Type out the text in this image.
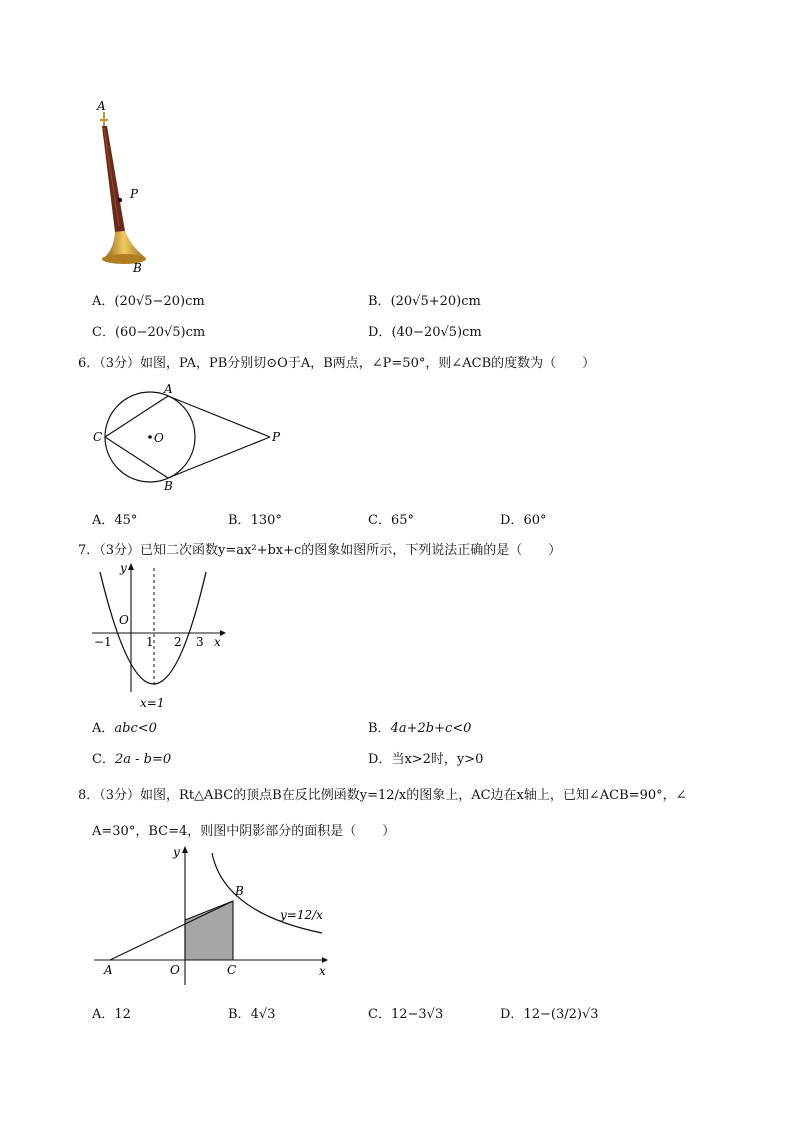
A
P
B
A．(20√5−20)cm	B．(20√5+20)cm
C．(60−20√5)cm	D．(40−20√5)cm
6．（3分）如图，PA，PB分别切⊙O于A，B两点，∠P=50°，则∠ACB的度数为（　　）
A
B
C	O	P
A．45°	B．130°	C．65°	D．60°
7．（3分）已知二次函数y=ax²+bx+c的图象如图所示，下列说法正确的是（　　）
y
x
O
−1	1 2 3
x=1
A．abc<0	B．4a+2b+c<0
C．2a - b=0	D．当x>2时，y>0
8．（3分）如图，Rt△ABC的顶点B在反比例函数y=12/x的图象上，AC边在x轴上，已知∠ACB=90°，∠
A=30°，BC=4，则图中阴影部分的面积是（　　）
y
x
A	O	C
B
y=12/x
A．12	B．4√3	C．12−3√3	D．12−(3/2)√3
